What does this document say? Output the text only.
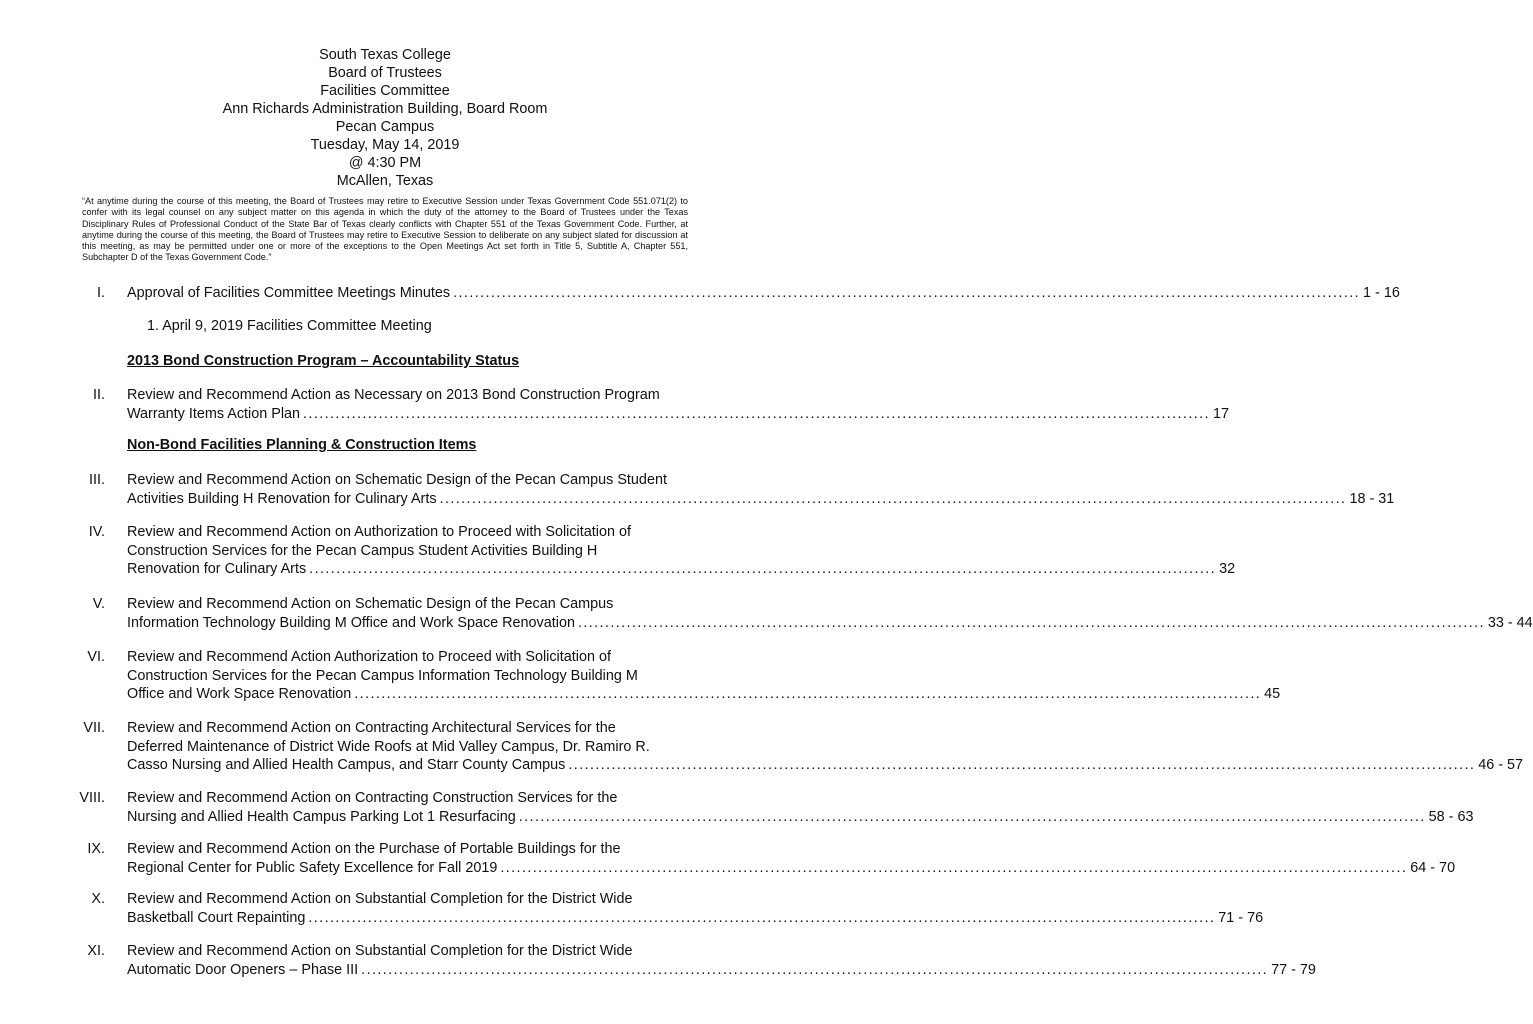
South Texas College
Board of Trustees
Facilities Committee
Ann Richards Administration Building, Board Room
Pecan Campus
Tuesday, May 14, 2019
@ 4:30 PM
McAllen, Texas
“At anytime during the course of this meeting, the Board of Trustees may retire to Executive Session under Texas Government Code 551.071(2) to confer with its legal counsel on any subject matter on this agenda in which the duty of the attorney to the Board of Trustees under the Texas Disciplinary Rules of Professional Conduct of the State Bar of Texas clearly conflicts with Chapter 551 of the Texas Government Code. Further, at anytime during the course of this meeting, the Board of Trustees may retire to Executive Session to deliberate on any subject slated for discussion at this meeting, as may be permitted under one or more of the exceptions to the Open Meetings Act set forth in Title 5, Subtitle A, Chapter 551, Subchapter D of the Texas Government Code.”
I. Approval of Facilities Committee Meetings Minutes ........................................................................................................................................................................ 1 - 16
1. April 9, 2019 Facilities Committee Meeting
2013 Bond Construction Program – Accountability Status
II. Review and Recommend Action as Necessary on 2013 Bond Construction Program
Warranty Items Action Plan ........................................................................................................................................................................ 17
Non-Bond Facilities Planning & Construction Items
III. Review and Recommend Action on Schematic Design of the Pecan Campus Student
Activities Building H Renovation for Culinary Arts ........................................................................................................................................................................ 18 - 31
IV. Review and Recommend Action on Authorization to Proceed with Solicitation of
Construction Services for the Pecan Campus Student Activities Building H
Renovation for Culinary Arts ........................................................................................................................................................................ 32
V. Review and Recommend Action on Schematic Design of the Pecan Campus
Information Technology Building M Office and Work Space Renovation ........................................................................................................................................................................ 33 - 44
VI. Review and Recommend Action Authorization to Proceed with Solicitation of
Construction Services for the Pecan Campus Information Technology Building M
Office and Work Space Renovation ........................................................................................................................................................................ 45
VII. Review and Recommend Action on Contracting Architectural Services for the
Deferred Maintenance of District Wide Roofs at Mid Valley Campus, Dr. Ramiro R.
Casso Nursing and Allied Health Campus, and Starr County Campus ........................................................................................................................................................................ 46 - 57
VIII. Review and Recommend Action on Contracting Construction Services for the
Nursing and Allied Health Campus Parking Lot 1 Resurfacing ........................................................................................................................................................................ 58 - 63
IX. Review and Recommend Action on the Purchase of Portable Buildings for the
Regional Center for Public Safety Excellence for Fall 2019 ........................................................................................................................................................................ 64 - 70
X. Review and Recommend Action on Substantial Completion for the District Wide
Basketball Court Repainting ........................................................................................................................................................................ 71 - 76
XI. Review and Recommend Action on Substantial Completion for the District Wide
Automatic Door Openers – Phase III ........................................................................................................................................................................ 77 - 79
